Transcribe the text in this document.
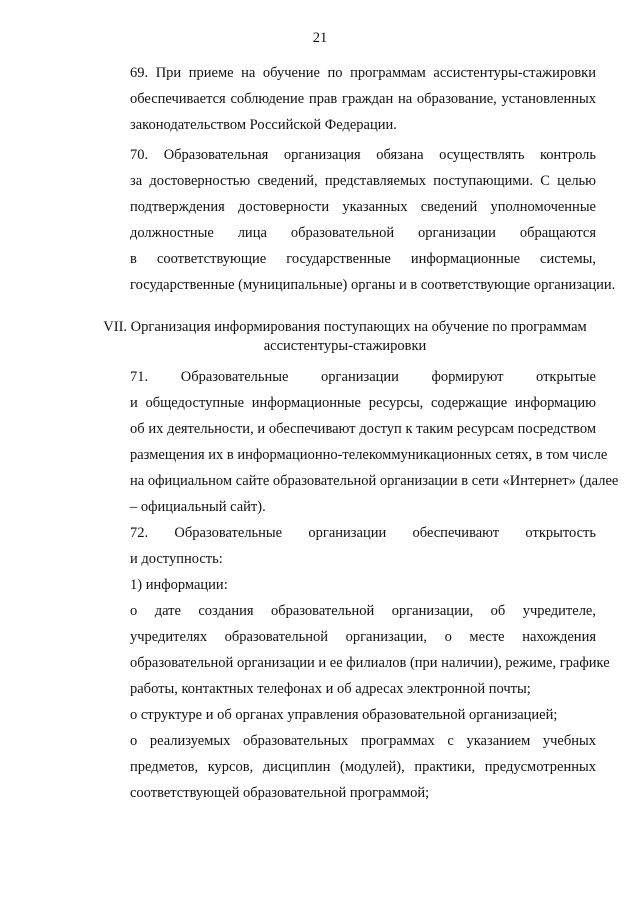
21

69. При приеме на обучение по программам ассистентуры-стажировки
обеспечивается соблюдение прав граждан на образование, установленных
законодательством Российской Федерации.

70. Образовательная организация обязана осуществлять контроль
за достоверностью сведений, представляемых поступающими. С целью
подтверждения достоверности указанных сведений уполномоченные
должностные лица образовательной организации обращаются
в соответствующие государственные информационные системы,
государственные (муниципальные) органы и в соответствующие организации.

VII. Организация информирования поступающих на обучение по программам
ассистентуры-стажировки

71. Образовательные организации формируют открытые
и общедоступные информационные ресурсы, содержащие информацию
об их деятельности, и обеспечивают доступ к таким ресурсам посредством
размещения их в информационно-телекоммуникационных сетях, в том числе
на официальном сайте образовательной организации в сети «Интернет» (далее
– официальный сайт).

72. Образовательные организации обеспечивают открытость
и доступность:

1) информации:

о дате создания образовательной организации, об учредителе,
учредителях образовательной организации, о месте нахождения
образовательной организации и ее филиалов (при наличии), режиме, графике
работы, контактных телефонах и об адресах электронной почты;

о структуре и об органах управления образовательной организацией;

о реализуемых образовательных программах с указанием учебных
предметов, курсов, дисциплин (модулей), практики, предусмотренных
соответствующей образовательной программой;
